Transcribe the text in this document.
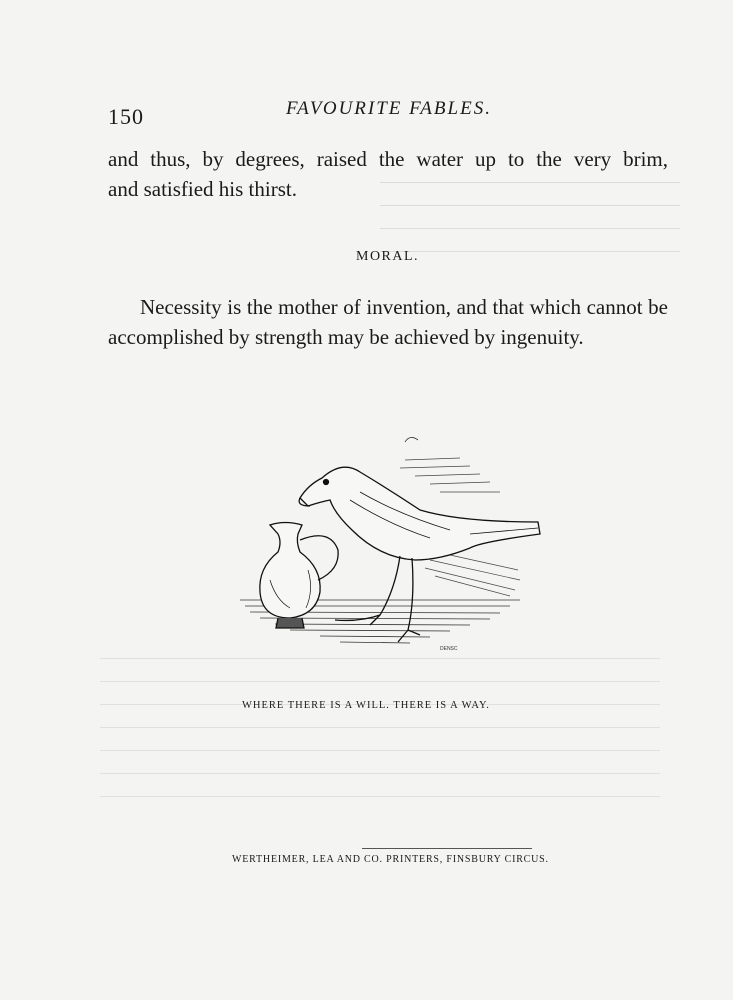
150	FAVOURITE FABLES.
and thus, by degrees, raised the water up to the very brim,
and satisfied his thirst.
MORAL.
Necessity is the mother of invention, and that which cannot be accomplished by strength may be achieved by ingenuity.
DENSC
WHERE THERE IS A WILL. THERE IS A WAY.
WERTHEIMER, LEA AND CO. PRINTERS, FINSBURY CIRCUS.
